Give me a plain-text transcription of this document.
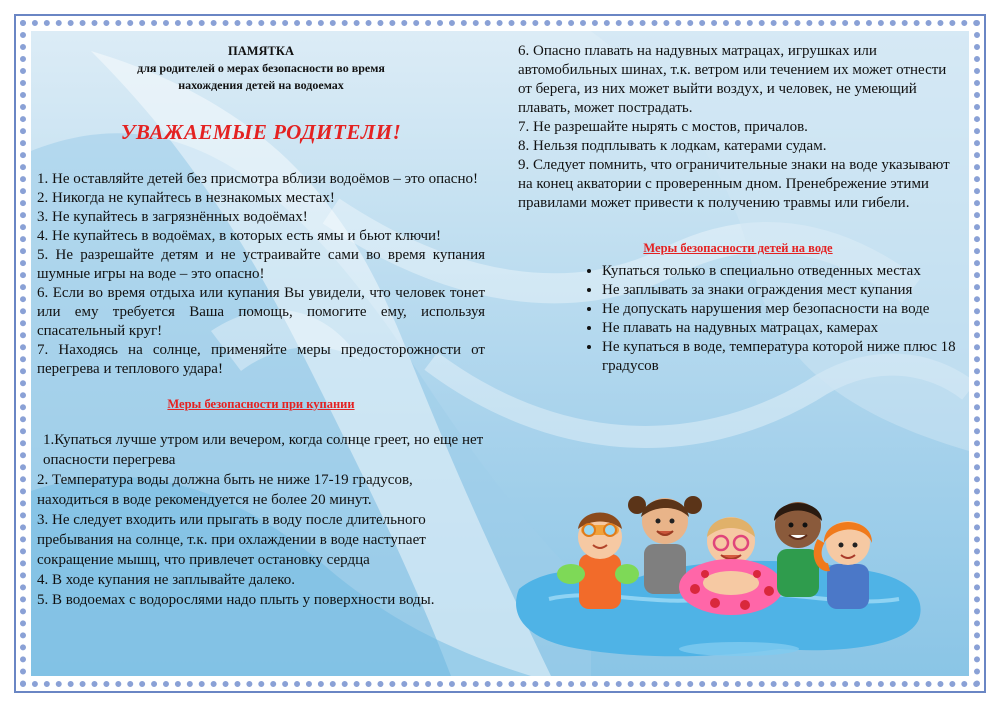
ПАМЯТКА
для родителей о мерах безопасности во время
нахождения детей на водоемах
УВАЖАЕМЫЕ РОДИТЕЛИ!

1. Не оставляйте детей без присмотра вблизи водоёмов – это опасно!

2. Никогда не купайтесь в незнакомых местах!

3. Не купайтесь в загрязнённых водоёмах!

4. Не купайтесь в водоёмах, в которых есть ямы и бьют ключи!

5. Не разрешайте детям и не устраивайте сами во время купания шумные игры на воде – это опасно!

6. Если во время отдыха или купания Вы увидели, что человек тонет или ему требуется Ваша помощь, помогите ему, используя спасательный круг!

7. Находясь на солнце, применяйте меры предосторожности от перегрева и теплового удара!

Меры безопасности при купании

1.Купаться лучше утром или вечером, когда солнце греет, но еще нет опасности перегрева

2. Температура воды должна быть не ниже 17-19 градусов, находиться в воде рекомендуется не более 20 минут.

3. Не следует входить или прыгать в воду после длительного пребывания на солнце, т.к. при охлаждении в воде наступает сокращение мышц, что привлечет остановку сердца

4. В ходе купания не заплывайте далеко.

5. В водоемах с водорослями надо плыть у поверхности воды.

6. Опасно плавать на надувных матрацах, игрушках или автомобильных шинах, т.к. ветром или течением их может отнести от берега, из них может выйти воздух, и человек, не умеющий плавать, может пострадать.

7. Не разрешайте нырять с мостов, причалов.

8. Нельзя подплывать к лодкам, катерами судам.

9. Следует помнить, что ограничительные знаки на воде указывают на конец акватории с проверенным дном. Пренебрежение этими правилами может привести к получению травмы или гибели.

Меры безопасности детей на воде
• Купаться только в специально отведенных местах
• Не заплывать за знаки ограждения мест купания
• Не допускать нарушения мер безопасности на воде
• Не плавать на надувных матрацах, камерах
• Не купаться в воде, температура которой ниже плюс 18 градусов
